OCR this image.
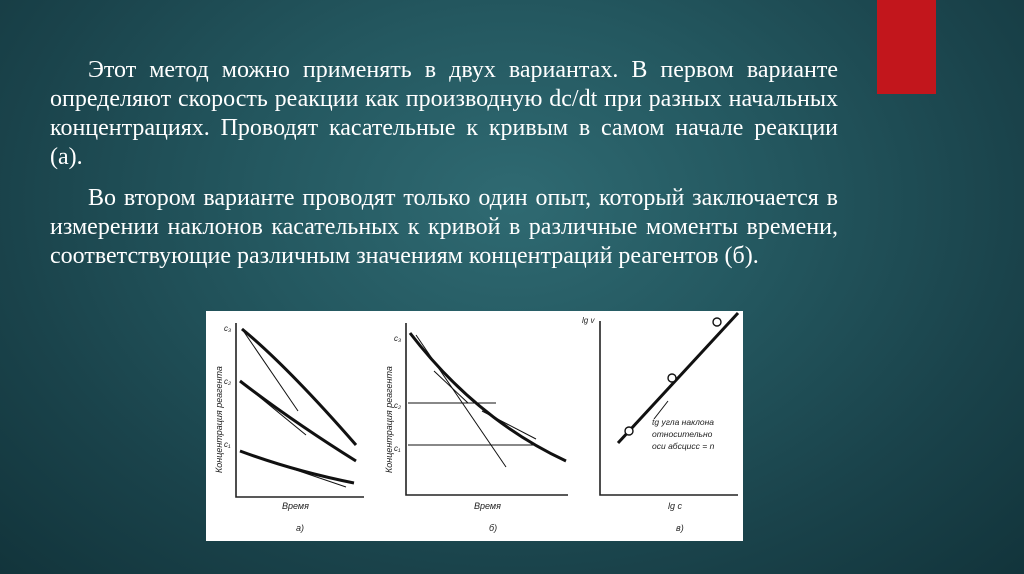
Этот метод можно применять в двух вариантах. В первом варианте определяют скорость реакции как производную dc/dt при разных начальных концентрациях. Проводят касательные к кривым в самом начале реакции (а).

Во втором варианте проводят только один опыт, который заключается в измерении наклонов касательных к кривой в различные моменты времени, соответствующие различным значениям концентраций реагентов (б).

c₃
c₂
c₁
Концентрация реагента
Время
а)
c₃
c₂
c₁
Концентрация реагента
Время
б)
lg v
tg угла наклона
относительно
оси абсцисс = n
lg c
в)
